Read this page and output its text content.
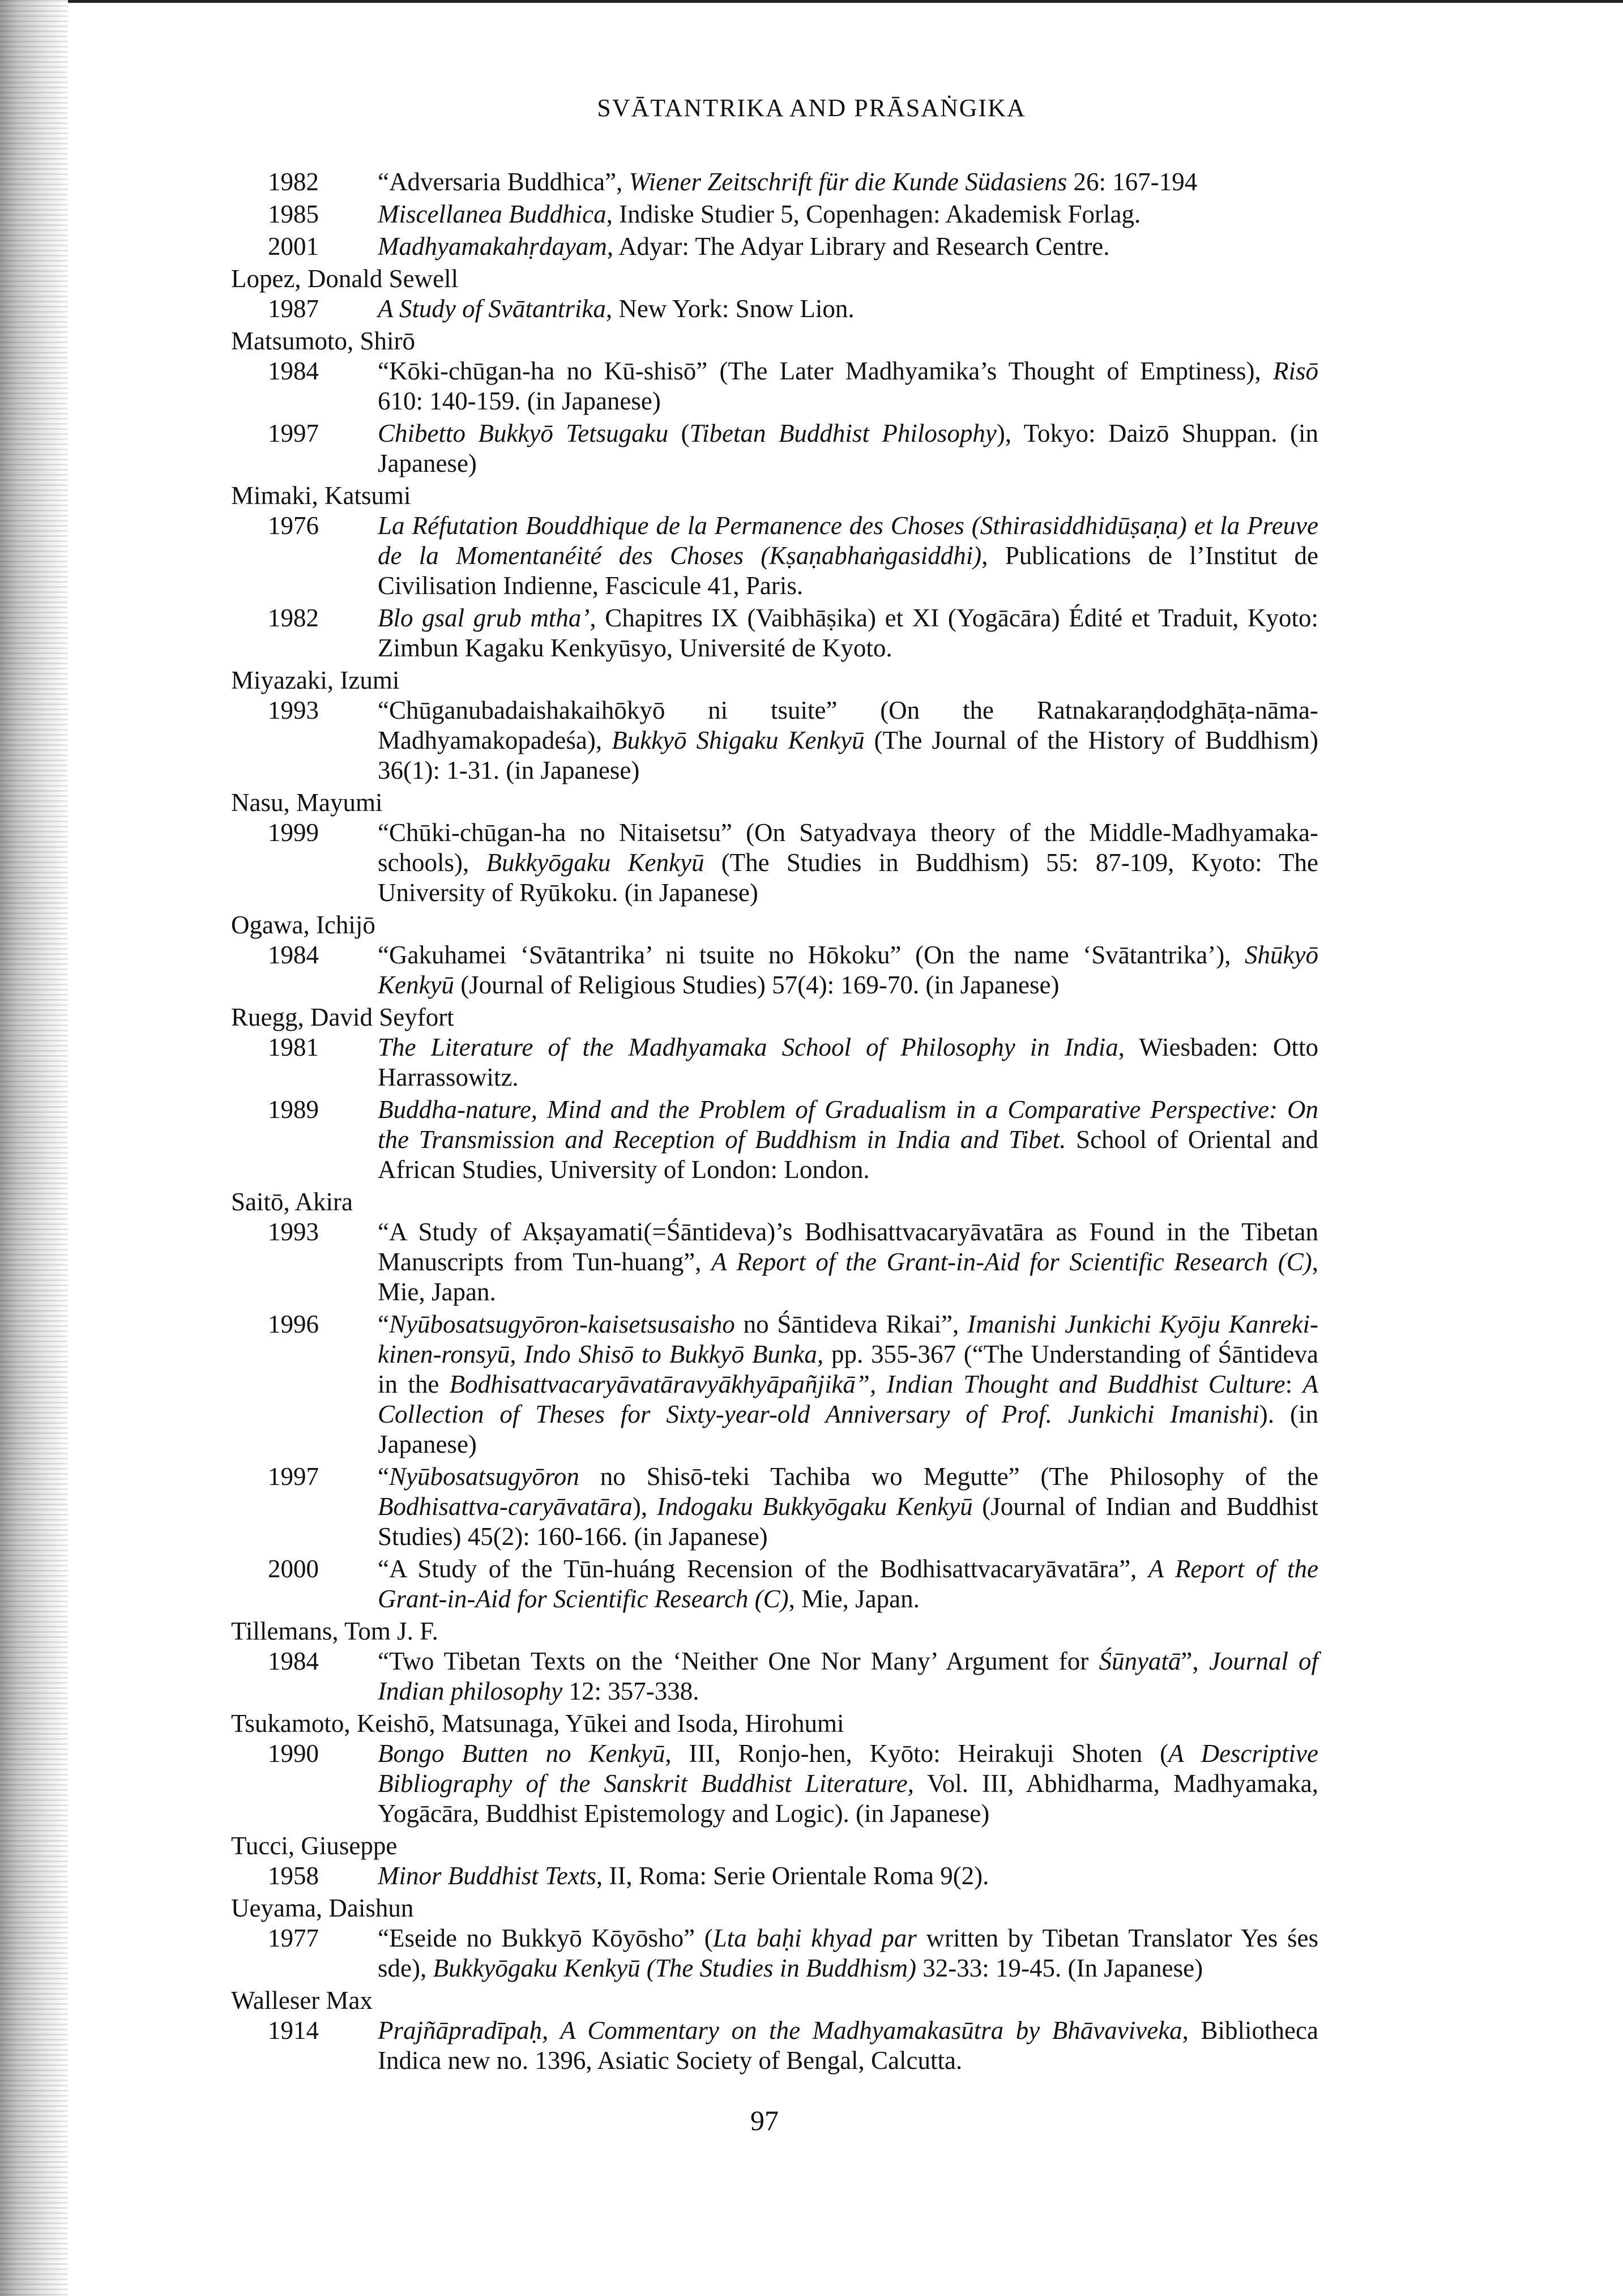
SVĀTANTRIKA AND PRĀSAṄGIKA
1982	“Adversaria Buddhica”, Wiener Zeitschrift für die Kunde Südasiens 26: 167-194
1985	Miscellanea Buddhica, Indiske Studier 5, Copenhagen: Akademisk Forlag.
2001	Madhyamakahṛdayam, Adyar: The Adyar Library and Research Centre.
Lopez, Donald Sewell
1987	A Study of Svātantrika, New York: Snow Lion.
Matsumoto, Shirō
1984	“Kōki-chūgan-ha no Kū-shisō” (The Later Madhyamika’s Thought of Emptiness), Risō 610: 140-159. (in Japanese)
1997	Chibetto Bukkyō Tetsugaku (Tibetan Buddhist Philosophy), Tokyo: Daizō Shuppan. (in Japanese)
Mimaki, Katsumi
1976	La Réfutation Bouddhique de la Permanence des Choses (Sthirasiddhidūṣaṇa) et la Preuve de la Momentanéité des Choses (Kṣaṇabhaṅgasiddhi), Publications de l’Institut de Civilisation Indienne, Fascicule 41, Paris.
1982	Blo gsal grub mtha’, Chapitres IX (Vaibhāṣika) et XI (Yogācāra) Édité et Traduit, Kyoto: Zimbun Kagaku Kenkyūsyo, Université de Kyoto.
Miyazaki, Izumi
1993	“Chūganubadaishakaihōkyō ni tsuite” (On the Ratnakaraṇḍodghāṭa-nāma-Madhyamakopadeśa), Bukkyō Shigaku Kenkyū (The Journal of the History of Buddhism) 36(1): 1-31. (in Japanese)
Nasu, Mayumi
1999	“Chūki-chūgan-ha no Nitaisetsu” (On Satyadvaya theory of the Middle-Madhyamaka-schools), Bukkyōgaku Kenkyū (The Studies in Buddhism) 55: 87-109, Kyoto: The University of Ryūkoku. (in Japanese)
Ogawa, Ichijō
1984	“Gakuhamei ‘Svātantrika’ ni tsuite no Hōkoku” (On the name ‘Svātantrika’), Shūkyō Kenkyū (Journal of Religious Studies) 57(4): 169-70. (in Japanese)
Ruegg, David Seyfort
1981	The Literature of the Madhyamaka School of Philosophy in India, Wiesbaden: Otto Harrassowitz.
1989	Buddha-nature, Mind and the Problem of Gradualism in a Comparative Perspective: On the Transmission and Reception of Buddhism in India and Tibet. School of Oriental and African Studies, University of London: London.
Saitō, Akira
1993	“A Study of Akṣayamati(=Śāntideva)’s Bodhisattvacaryāvatāra as Found in the Tibetan Manuscripts from Tun-huang”, A Report of the Grant-in-Aid for Scientific Research (C), Mie, Japan.
1996	“Nyūbosatsugyōron-kaisetsusaisho no Śāntideva Rikai”, Imanishi Junkichi Kyōju Kanreki-kinen-ronsyū, Indo Shisō to Bukkyō Bunka, pp. 355-367 (“The Understanding of Śāntideva in the Bodhisattvacaryāvatāravyākhyāpañjikā”, Indian Thought and Buddhist Culture: A Collection of Theses for Sixty-year-old Anniversary of Prof. Junkichi Imanishi). (in Japanese)
1997	“Nyūbosatsugyōron no Shisō-teki Tachiba wo Megutte” (The Philosophy of the Bodhisattva-caryāvatāra), Indogaku Bukkyōgaku Kenkyū (Journal of Indian and Buddhist Studies) 45(2): 160-166. (in Japanese)
2000	“A Study of the Tūn-huáng Recension of the Bodhisattvacaryāvatāra”, A Report of the Grant-in-Aid for Scientific Research (C), Mie, Japan.
Tillemans, Tom J. F.
1984	“Two Tibetan Texts on the ‘Neither One Nor Many’ Argument for Śūnyatā”, Journal of Indian philosophy 12: 357-338.
Tsukamoto, Keishō, Matsunaga, Yūkei and Isoda, Hirohumi
1990	Bongo Butten no Kenkyū, III, Ronjo-hen, Kyōto: Heirakuji Shoten (A Descriptive Bibliography of the Sanskrit Buddhist Literature, Vol. III, Abhidharma, Madhyamaka, Yogācāra, Buddhist Epistemology and Logic). (in Japanese)
Tucci, Giuseppe
1958	Minor Buddhist Texts, II, Roma: Serie Orientale Roma 9(2).
Ueyama, Daishun
1977	“Eseide no Bukkyō Kōyōsho” (Lta baḥi khyad par written by Tibetan Translator Yes śes sde), Bukkyōgaku Kenkyū (The Studies in Buddhism) 32-33: 19-45. (In Japanese)
Walleser Max
1914	Prajñāpradīpaḥ, A Commentary on the Madhyamakasūtra by Bhāvaviveka, Bibliotheca Indica new no. 1396, Asiatic Society of Bengal, Calcutta.
97
